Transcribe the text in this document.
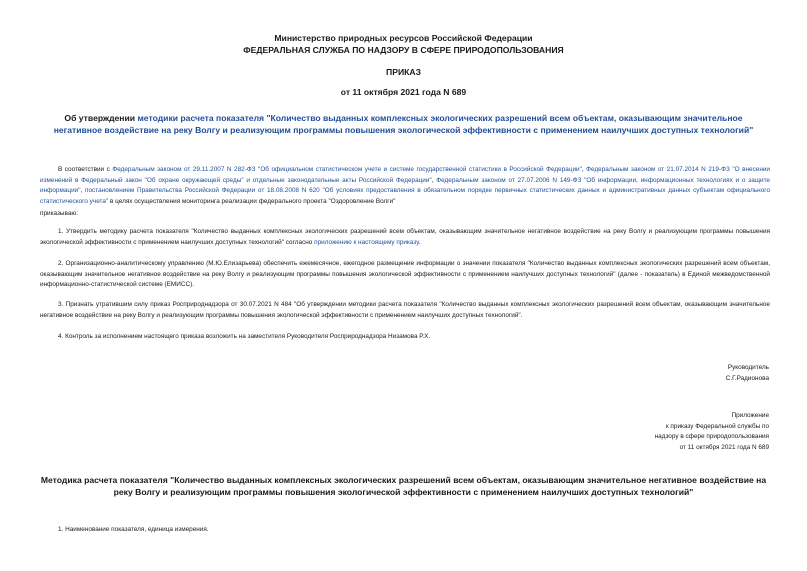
Министерство природных ресурсов Российской Федерации
ФЕДЕРАЛЬНАЯ СЛУЖБА ПО НАДЗОРУ В СФЕРЕ ПРИРОДОПОЛЬЗОВАНИЯ
ПРИКАЗ
от 11 октября 2021 года N 689
Об утверждении методики расчета показателя "Количество выданных комплексных экологических разрешений всем объектам, оказывающим значительное негативное воздействие на реку Волгу и реализующим программы повышения экологической эффективности с применением наилучших доступных технологий"
В соответствии с Федеральным законом от 29.11.2007 N 282-ФЗ "Об официальном статистическом учете и системе государственной статистики в Российской Федерации", Федеральным законом от 21.07.2014 N 219-ФЗ "О внесении изменений в Федеральный закон "Об охране окружающей среды" и отдельные законодательные акты Российской Федерации", Федеральным законом от 27.07.2006 N 149-ФЗ "Об информации, информационных технологиях и о защите информации", постановлением Правительства Российской Федерации от 18.08.2008 N 620 "Об условиях предоставления в обязательном порядке первичных статистических данных и административных данных субъектам официального статистического учета" в целях осуществления мониторинга реализации федерального проекта "Оздоровление Волги"
приказываю:
1. Утвердить методику расчета показателя "Количество выданных комплексных экологических разрешений всем объектам, оказывающим значительное негативное воздействие на реку Волгу и реализующим программы повышения экологической эффективности с применением наилучших доступных технологий" согласно приложению к настоящему приказу.
2. Организационно-аналитическому управлению (М.Ю.Елизарьева) обеспечить ежемесячное, ежегодное размещение информации о значении показателя "Количество выданных комплексных экологических разрешений всем объектам, оказывающим значительное негативное воздействие на реку Волгу и реализующим программы повышения экологической эффективности с применением наилучших доступных технологий" (далее - показатель) в Единой межведомственной информационно-статистической системе (ЕМИСС).
3. Признать утратившим силу приказ Росприроднадзора от 30.07.2021 N 484 "Об утверждении методики расчета показателя "Количество выданных комплексных экологических разрешений всем объектам, оказывающим значительное негативное воздействие на реку Волгу и реализующим программы повышения экологической эффективности с применением наилучших доступных технологий".
4. Контроль за исполнением настоящего приказа возложить на заместителя Руководителя Росприроднадзора Низамова Р.Х.
Руководитель
С.Г.Радионова
Приложение
к приказу Федеральной службы по
надзору в сфере природопользования
от 11 октября 2021 года N 689
Методика расчета показателя "Количество выданных комплексных экологических разрешений всем объектам, оказывающим значительное негативное воздействие на реку Волгу и реализующим программы повышения экологической эффективности с применением наилучших доступных технологий"
1. Наименование показателя, единица измерения.
